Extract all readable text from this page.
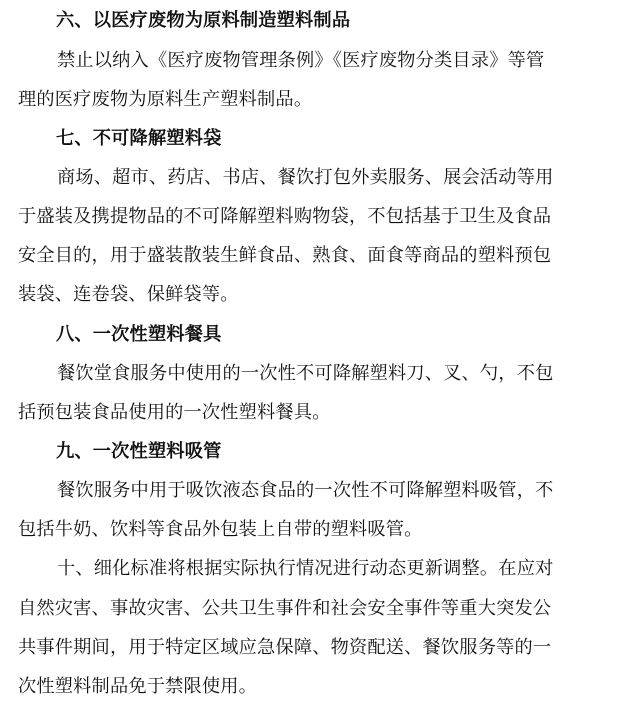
六、以医疗废物为原料制造塑料制品
禁止以纳入《医疗废物管理条例》《医疗废物分类目录》等管
理的医疗废物为原料生产塑料制品。
七、不可降解塑料袋
商场、超市、药店、书店、餐饮打包外卖服务、展会活动等用
于盛装及携提物品的不可降解塑料购物袋，不包括基于卫生及食品
安全目的，用于盛装散装生鲜食品、熟食、面食等商品的塑料预包
装袋、连卷袋、保鲜袋等。
八、一次性塑料餐具
餐饮堂食服务中使用的一次性不可降解塑料刀、叉、勺，不包
括预包装食品使用的一次性塑料餐具。
九、一次性塑料吸管
餐饮服务中用于吸饮液态食品的一次性不可降解塑料吸管，不
包括牛奶、饮料等食品外包装上自带的塑料吸管。
十、细化标准将根据实际执行情况进行动态更新调整。在应对
自然灾害、事故灾害、公共卫生事件和社会安全事件等重大突发公
共事件期间，用于特定区域应急保障、物资配送、餐饮服务等的一
次性塑料制品免于禁限使用。
